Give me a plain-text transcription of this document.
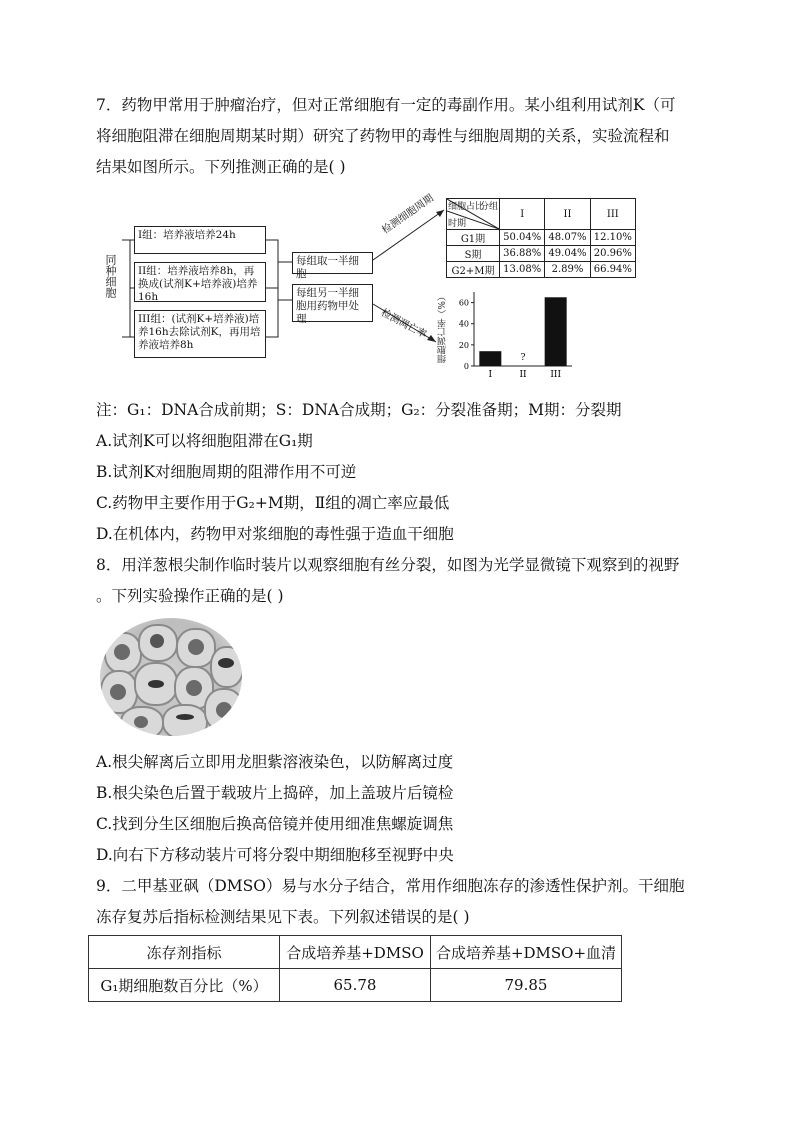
7．药物甲常用于肿瘤治疗，但对正常细胞有一定的毒副作用。某小组利用试剂K（可
将细胞阻滞在细胞周期某时期）研究了药物甲的毒性与细胞周期的关系，实验流程和
结果如图所示。下列推测正确的是( )
同种细胞
I组：培养液培养24h
II组：培养液培养8h，再换成(试剂K+培养液)培养16h
III组：(试剂K+培养液)培养16h去除试剂K，再用培养液培养8h
每组取一半细胞
每组另一半细胞用药物甲处理
检测细胞周期
检测凋亡率
分组
细胞占比
时期	I	II	III
G1期	50.04%	48.07%	12.10%
S期	36.88%	49.04%	20.96%
G2+M期	13.08%	2.89%	66.94%
细胞凋亡率（%）
0
20
40
60
I
?
II	III
注：G₁：DNA合成前期；S：DNA合成期；G₂：分裂准备期；M期：分裂期
A.试剂K可以将细胞阻滞在G₁期
B.试剂K对细胞周期的阻滞作用不可逆
C.药物甲主要作用于G₂+M期，Ⅱ组的凋亡率应最低
D.在机体内，药物甲对浆细胞的毒性强于造血干细胞
8．用洋葱根尖制作临时装片以观察细胞有丝分裂，如图为光学显微镜下观察到的视野
。下列实验操作正确的是( )
A.根尖解离后立即用龙胆紫溶液染色，以防解离过度
B.根尖染色后置于载玻片上捣碎，加上盖玻片后镜检
C.找到分生区细胞后换高倍镜并使用细准焦螺旋调焦
D.向右下方移动装片可将分裂中期细胞移至视野中央
9．二甲基亚砜（DMSO）易与水分子结合，常用作细胞冻存的渗透性保护剂。干细胞
冻存复苏后指标检测结果见下表。下列叙述错误的是( )
冻存剂指标	合成培养基+DMSO	合成培养基+DMSO+血清
G₁期细胞数百分比（%）	65.78	79.85
